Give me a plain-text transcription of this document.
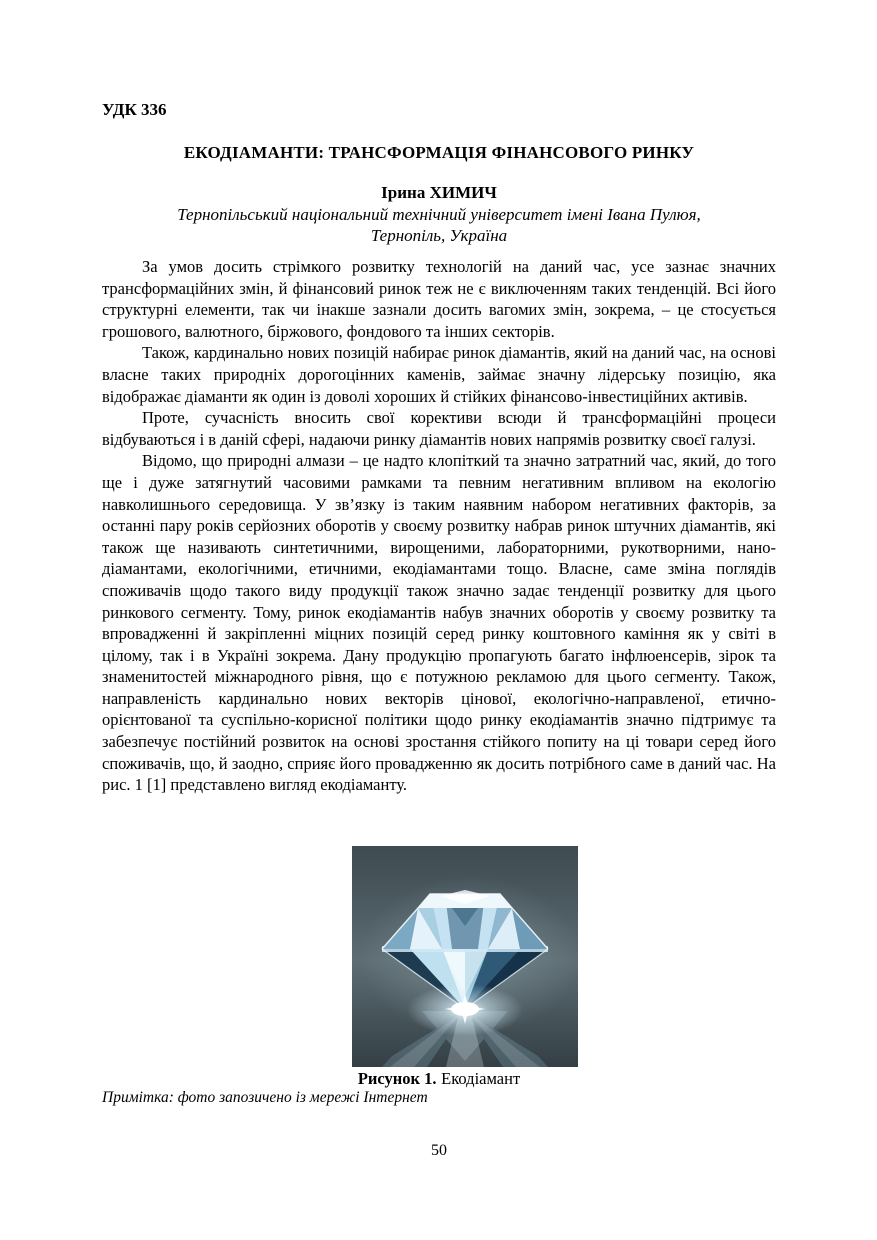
УДК 336
ЕКОДІАМАНТИ: ТРАНСФОРМАЦІЯ ФІНАНСОВОГО РИНКУ
Ірина ХИМИЧ
Тернопільський національний технічний університет імені Івана Пулюя,
Тернопіль, Україна

За умов досить стрімкого розвитку технологій на даний час, усе зазнає значних трансформаційних змін, й фінансовий ринок теж не є виключенням таких тенденцій. Всі його структурні елементи, так чи інакше зазнали досить вагомих змін, зокрема, – це стосується грошового, валютного, біржового, фондового та інших секторів.

Також, кардинально нових позицій набирає ринок діамантів, який на даний час, на основі власне таких природніх дорогоцінних каменів, займає значну лідерську позицію, яка відображає діаманти як один із доволі хороших й стійких фінансово-інвестиційних активів.

Проте, сучасність вносить свої корективи всюди й трансформаційні процеси відбуваються і в даній сфері, надаючи ринку діамантів нових напрямів розвитку своєї галузі.

Відомо, що природні алмази – це надто клопіткий та значно затратний час, який, до того ще і дуже затягнутий часовими рамками та певним негативним впливом на екологію навколишнього середовища. У зв’язку із таким наявним набором негативних факторів, за останні пару років серйозних оборотів у своєму розвитку набрав ринок штучних діамантів, які також ще називають синтетичними, вирощеними, лабораторними, рукотворними, нано-діамантами, екологічними, етичними, екодіамантами тощо. Власне, саме зміна поглядів споживачів щодо такого виду продукції також значно задає тенденції розвитку для цього ринкового сегменту. Тому, ринок екодіамантів набув значних оборотів у своєму розвитку та впровадженні й закріпленні міцних позицій серед ринку коштовного каміння як у світі в цілому, так і в Україні зокрема. Дану продукцію пропагують багато інфлюенсерів, зірок та знаменитостей міжнародного рівня, що є потужною рекламою для цього сегменту. Також, направленість кардинально нових векторів цінової, екологічно-направленої, етично-орієнтованої та суспільно-корисної політики щодо ринку екодіамантів значно підтримує та забезпечує постійний розвиток на основі зростання стійкого попиту на ці товари серед його споживачів, що, й заодно, сприяє його провадженню як досить потрібного саме в даний час. На рис. 1 [1] представлено вигляд екодіаманту.

Рисунок 1. Екодіамант
Примітка: фото запозичено із мережі Інтернет
50
